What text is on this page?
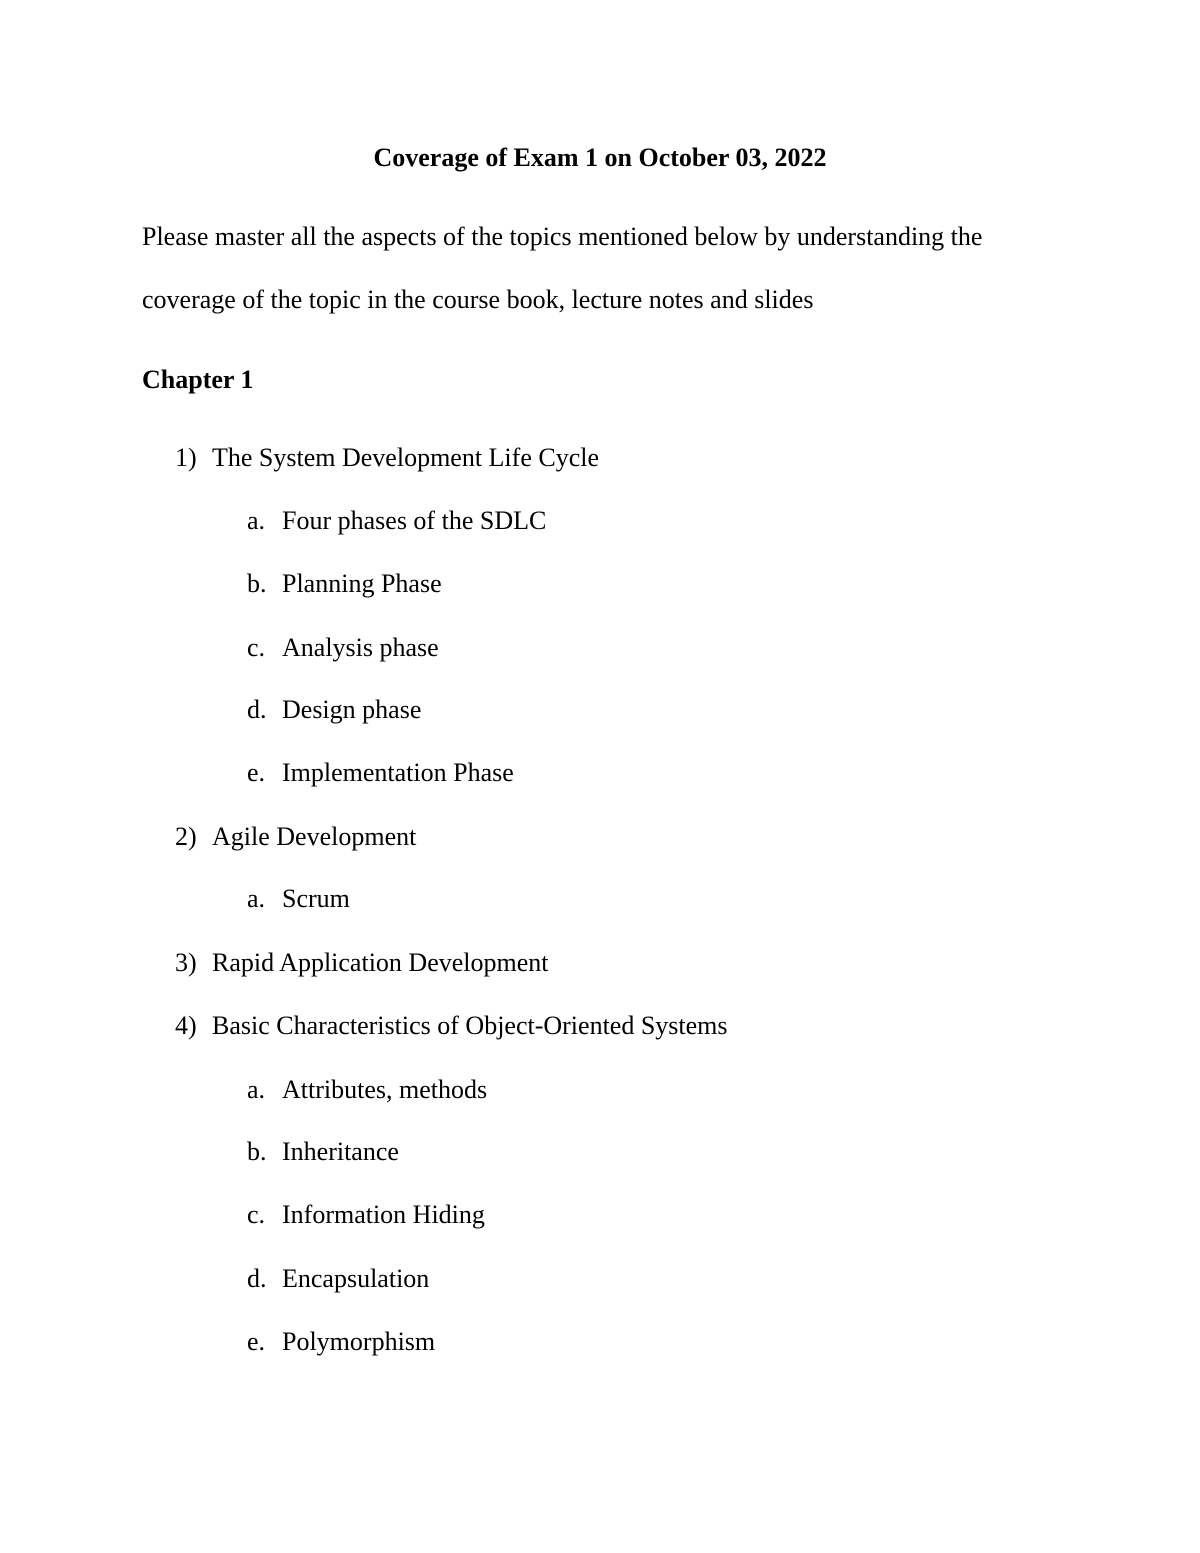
Coverage of Exam 1 on October 03, 2022

Please master all the aspects of the topics mentioned below by understanding the

coverage of the topic in the course book, lecture notes and slides

Chapter 1

1) The System Development Life Cycle
a. Four phases of the SDLC
b. Planning Phase
c. Analysis phase
d. Design phase
e. Implementation Phase
2) Agile Development
a. Scrum
3) Rapid Application Development
4) Basic Characteristics of Object-Oriented Systems
a. Attributes, methods
b. Inheritance
c. Information Hiding
d. Encapsulation
e. Polymorphism
